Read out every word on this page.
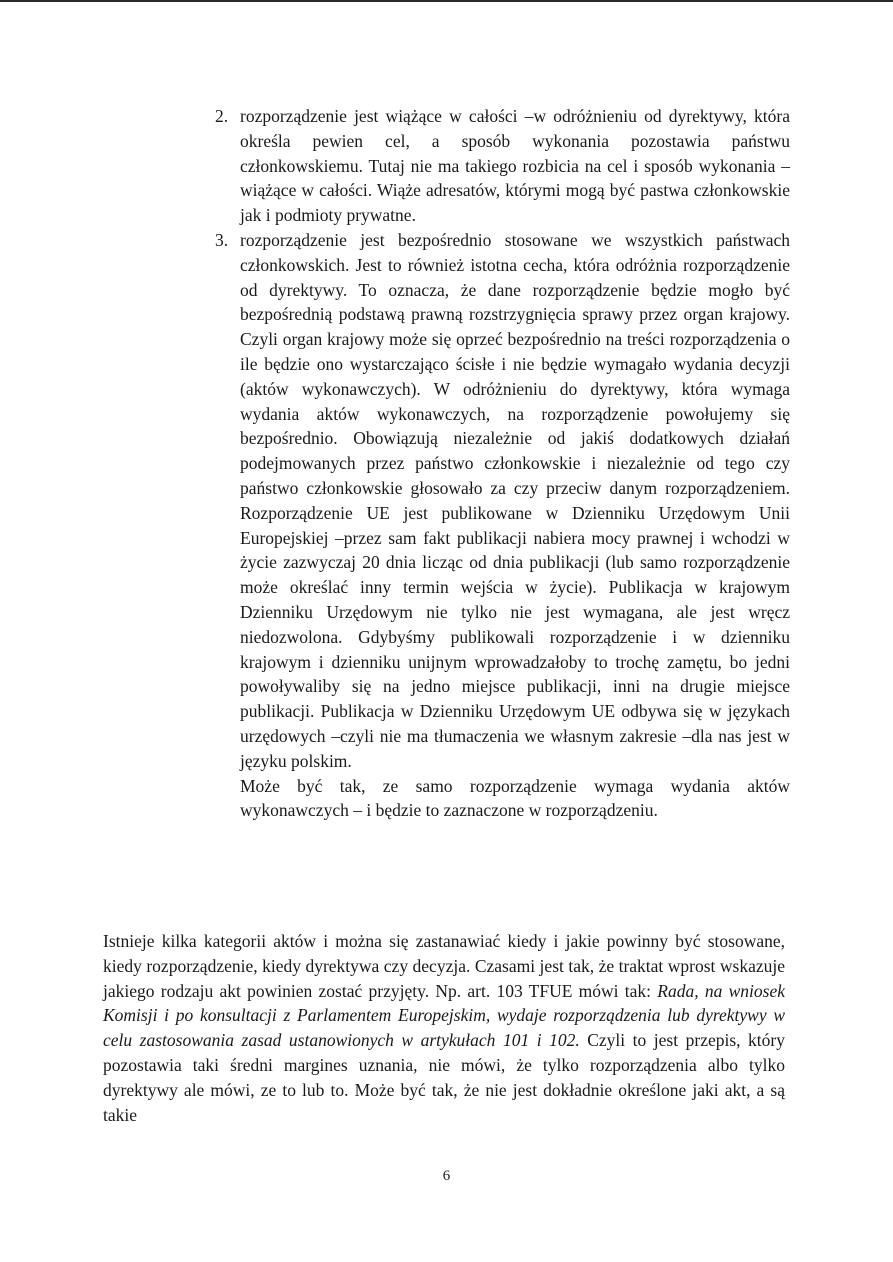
2. rozporządzenie jest wiążące w całości –w odróżnieniu od dyrektywy, która określa pewien cel, a sposób wykonania pozostawia państwu członkowskiemu. Tutaj nie ma takiego rozbicia na cel i sposób wykonania –wiążące w całości. Wiąże adresatów, którymi mogą być pastwa członkowskie jak i podmioty prywatne.
3. rozporządzenie jest bezpośrednio stosowane we wszystkich państwach członkowskich. Jest to również istotna cecha, która odróżnia rozporządzenie od dyrektywy. To oznacza, że dane rozporządzenie będzie mogło być bezpośrednią podstawą prawną rozstrzygnięcia sprawy przez organ krajowy. Czyli organ krajowy może się oprzeć bezpośrednio na treści rozporządzenia o ile będzie ono wystarczająco ścisłe i nie będzie wymagało wydania decyzji (aktów wykonawczych). W odróżnieniu do dyrektywy, która wymaga wydania aktów wykonawczych, na rozporządzenie powołujemy się bezpośrednio. Obowiązują niezależnie od jakiś dodatkowych działań podejmowanych przez państwo członkowskie i niezależnie od tego czy państwo członkowskie głosowało za czy przeciw danym rozporządzeniem. Rozporządzenie UE jest publikowane w Dzienniku Urzędowym Unii Europejskiej –przez sam fakt publikacji nabiera mocy prawnej i wchodzi w życie zazwyczaj 20 dnia licząc od dnia publikacji (lub samo rozporządzenie może określać inny termin wejścia w życie). Publikacja w krajowym Dzienniku Urzędowym nie tylko nie jest wymagana, ale jest wręcz niedozwolona. Gdybyśmy publikowali rozporządzenie i w dzienniku krajowym i dzienniku unijnym wprowadzałoby to trochę zamętu, bo jedni powoływaliby się na jedno miejsce publikacji, inni na drugie miejsce publikacji. Publikacja w Dzienniku Urzędowym UE odbywa się w językach urzędowych –czyli nie ma tłumaczenia we własnym zakresie –dla nas jest w języku polskim.

Może być tak, ze samo rozporządzenie wymaga wydania aktów wykonawczych – i będzie to zaznaczone w rozporządzeniu.

Istnieje kilka kategorii aktów i można się zastanawiać kiedy i jakie powinny być stosowane, kiedy rozporządzenie, kiedy dyrektywa czy decyzja. Czasami jest tak, że traktat wprost wskazuje jakiego rodzaju akt powinien zostać przyjęty. Np. art. 103 TFUE mówi tak: Rada, na wniosek Komisji i po konsultacji z Parlamentem Europejskim, wydaje rozporządzenia lub dyrektywy w celu zastosowania zasad ustanowionych w artykułach 101 i 102. Czyli to jest przepis, który pozostawia taki średni margines uznania, nie mówi, że tylko rozporządzenia albo tylko dyrektywy ale mówi, ze to lub to. Może być tak, że nie jest dokładnie określone jaki akt, a są takie

6
